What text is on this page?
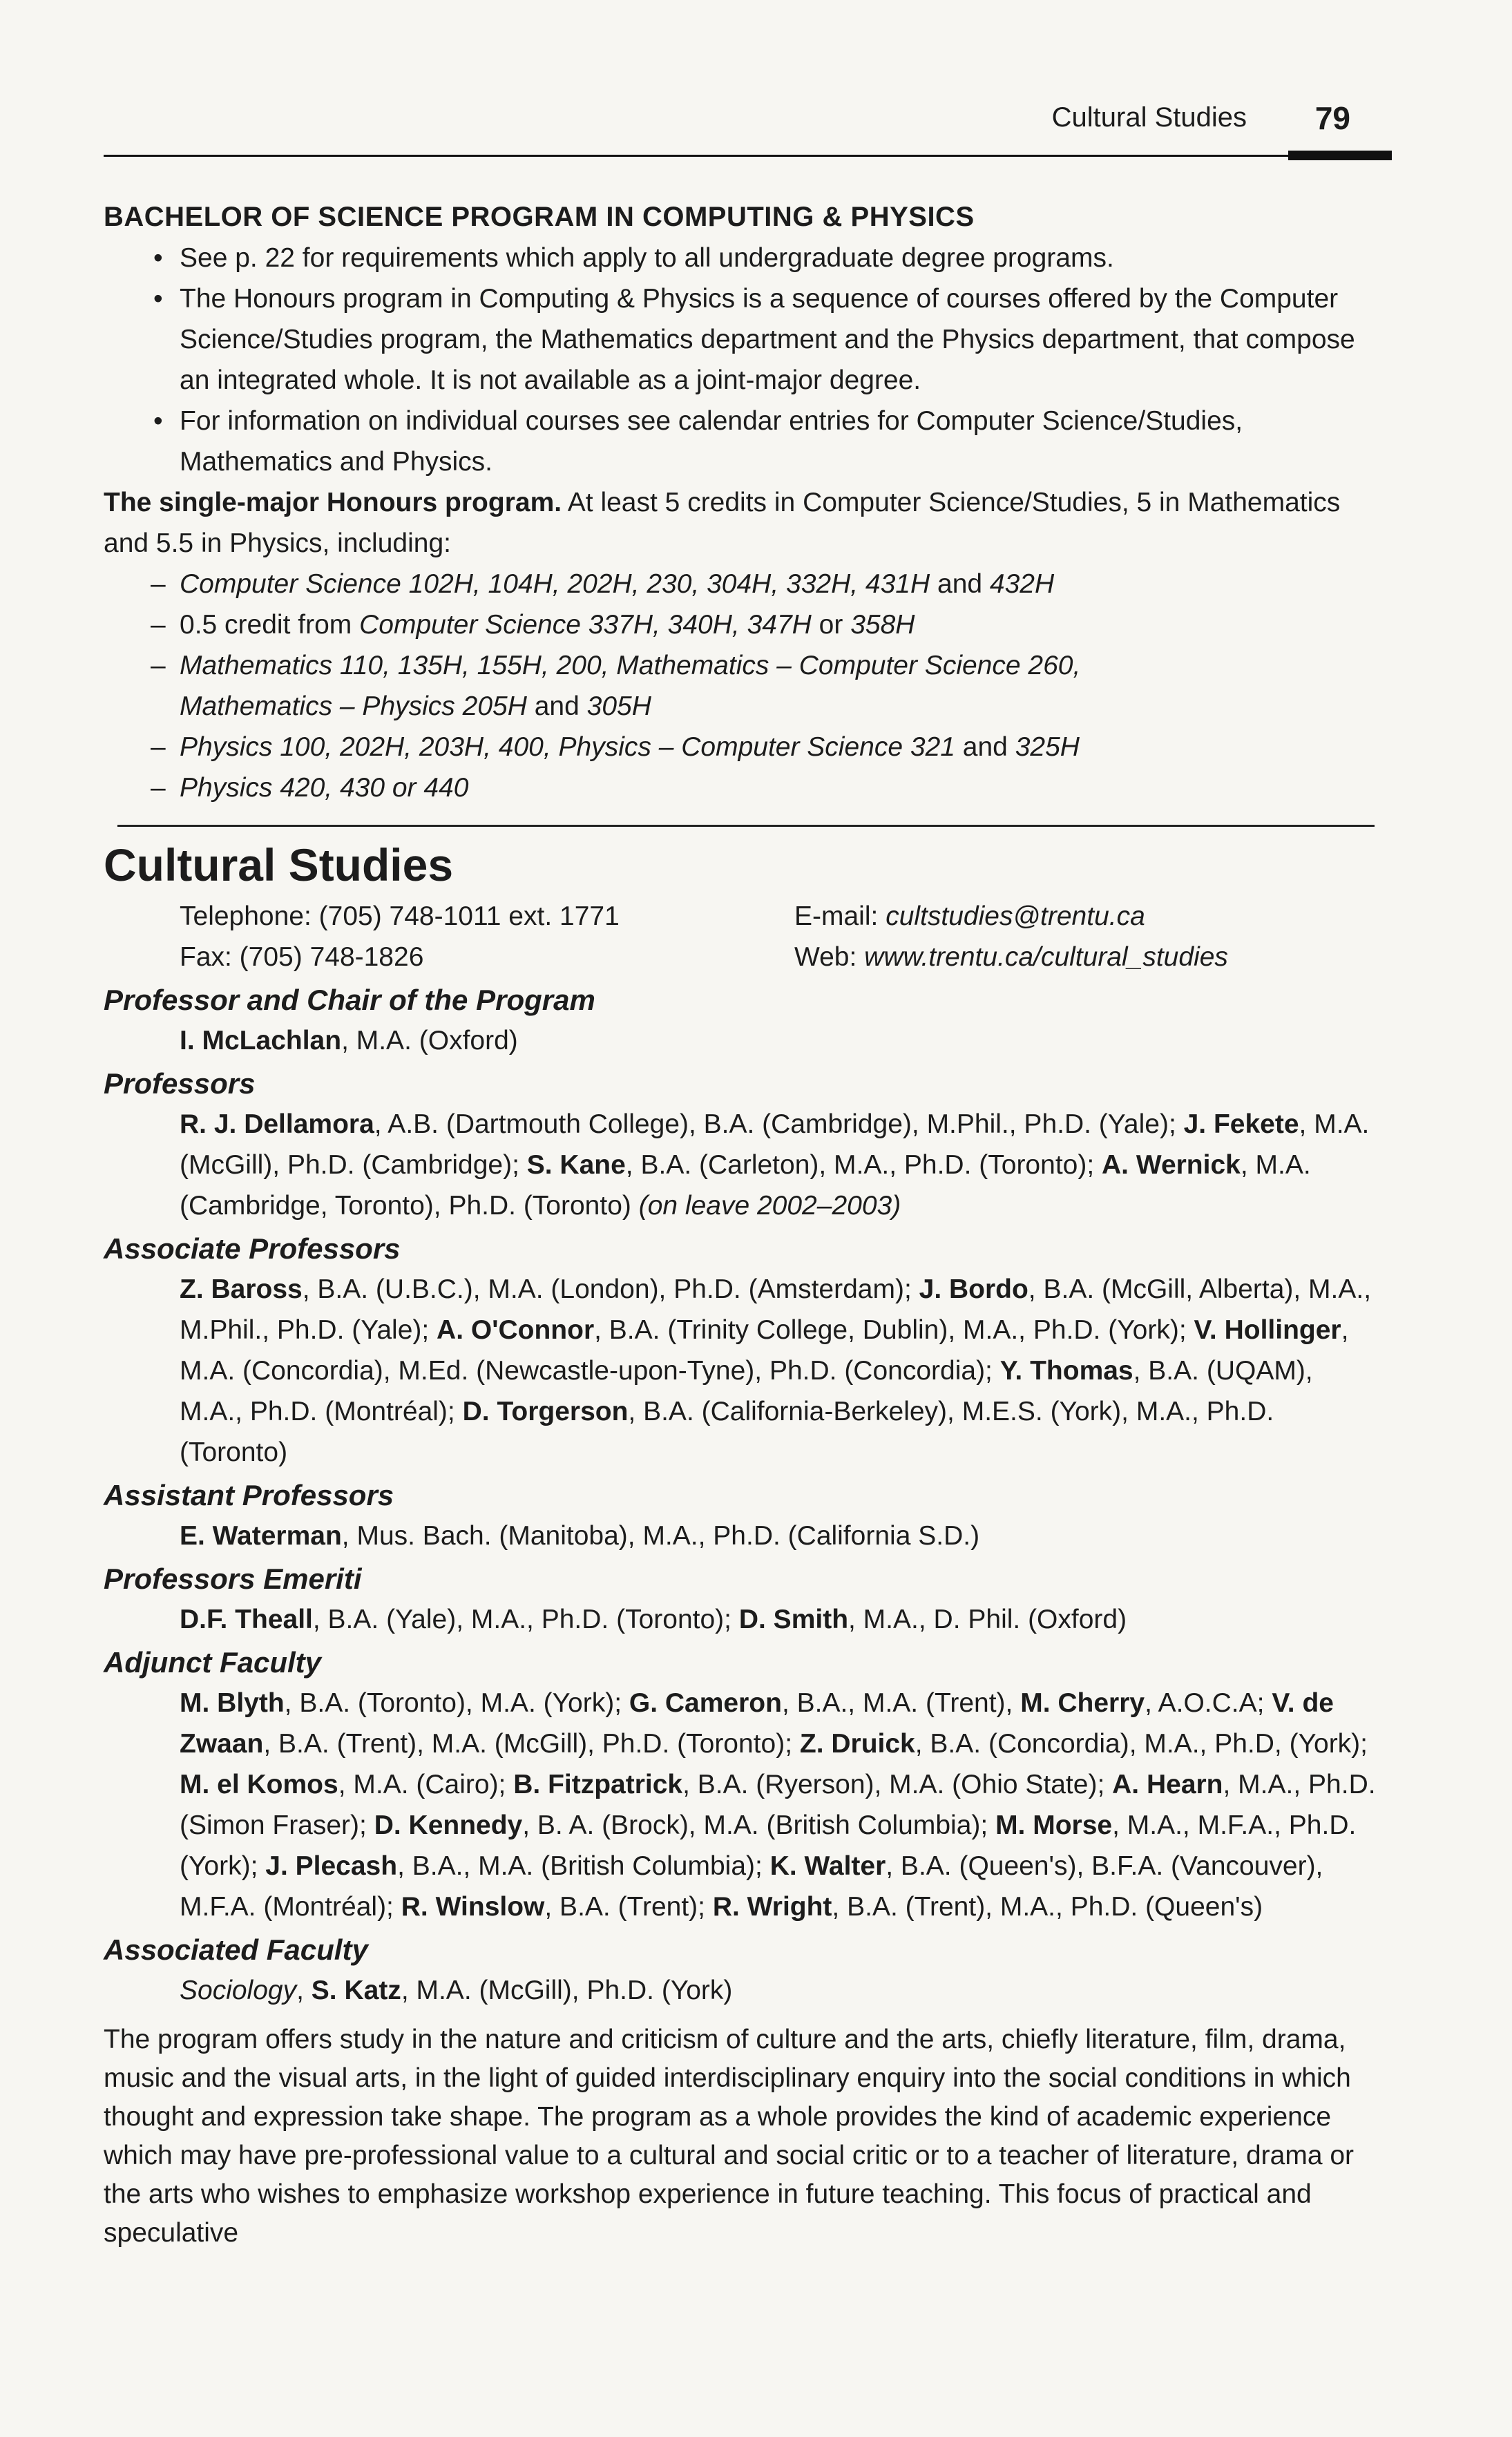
Cultural Studies 79
BACHELOR OF SCIENCE PROGRAM IN COMPUTING & PHYSICS
• See p. 22 for requirements which apply to all undergraduate degree programs.
• The Honours program in Computing & Physics is a sequence of courses offered by the Computer Science/Studies program, the Mathematics department and the Physics department, that compose an integrated whole. It is not available as a joint-major degree.
• For information on individual courses see calendar entries for Computer Science/Studies, Mathematics and Physics.

The single-major Honours program. At least 5 credits in Computer Science/Studies, 5 in Mathematics and 5.5 in Physics, including:

– Computer Science 102H, 104H, 202H, 230, 304H, 332H, 431H and 432H
– 0.5 credit from Computer Science 337H, 340H, 347H or 358H
– Mathematics 110, 135H, 155H, 200, Mathematics – Computer Science 260,
Mathematics – Physics 205H and 305H
– Physics 100, 202H, 203H, 400, Physics – Computer Science 321 and 325H
– Physics 420, 430 or 440
Cultural Studies
Telephone: (705) 748-1011 ext. 1771	E-mail: cultstudies@trentu.ca
Fax: (705) 748-1826	Web: www.trentu.ca/cultural_studies
Professor and Chair of the Program
I. McLachlan, M.A. (Oxford)
Professors
R. J. Dellamora, A.B. (Dartmouth College), B.A. (Cambridge), M.Phil., Ph.D. (Yale); J. Fekete, M.A. (McGill), Ph.D. (Cambridge); S. Kane, B.A. (Carleton), M.A., Ph.D. (Toronto); A. Wernick, M.A. (Cambridge, Toronto), Ph.D. (Toronto) (on leave 2002–2003)
Associate Professors
Z. Baross, B.A. (U.B.C.), M.A. (London), Ph.D. (Amsterdam); J. Bordo, B.A. (McGill, Alberta), M.A., M.Phil., Ph.D. (Yale); A. O'Connor, B.A. (Trinity College, Dublin), M.A., Ph.D. (York); V. Hollinger, M.A. (Concordia), M.Ed. (Newcastle-upon-Tyne), Ph.D. (Concordia); Y. Thomas, B.A. (UQAM), M.A., Ph.D. (Montréal); D. Torgerson, B.A. (California-Berkeley), M.E.S. (York), M.A., Ph.D. (Toronto)
Assistant Professors
E. Waterman, Mus. Bach. (Manitoba), M.A., Ph.D. (California S.D.)
Professors Emeriti
D.F. Theall, B.A. (Yale), M.A., Ph.D. (Toronto); D. Smith, M.A., D. Phil. (Oxford)
Adjunct Faculty
M. Blyth, B.A. (Toronto), M.A. (York); G. Cameron, B.A., M.A. (Trent), M. Cherry, A.O.C.A; V. de Zwaan, B.A. (Trent), M.A. (McGill), Ph.D. (Toronto); Z. Druick, B.A. (Concordia), M.A., Ph.D, (York); M. el Komos, M.A. (Cairo); B. Fitzpatrick, B.A. (Ryerson), M.A. (Ohio State); A. Hearn, M.A., Ph.D. (Simon Fraser); D. Kennedy, B. A. (Brock), M.A. (British Columbia); M. Morse, M.A., M.F.A., Ph.D. (York); J. Plecash, B.A., M.A. (British Columbia); K. Walter, B.A. (Queen's), B.F.A. (Vancouver), M.F.A. (Montréal); R. Winslow, B.A. (Trent); R. Wright, B.A. (Trent), M.A., Ph.D. (Queen's)
Associated Faculty
Sociology, S. Katz, M.A. (McGill), Ph.D. (York)

The program offers study in the nature and criticism of culture and the arts, chiefly literature, film, drama, music and the visual arts, in the light of guided interdisciplinary enquiry into the social conditions in which thought and expression take shape. The program as a whole provides the kind of academic experience which may have pre-professional value to a cultural and social critic or to a teacher of literature, drama or the arts who wishes to emphasize workshop experience in future teaching. This focus of practical and speculative
